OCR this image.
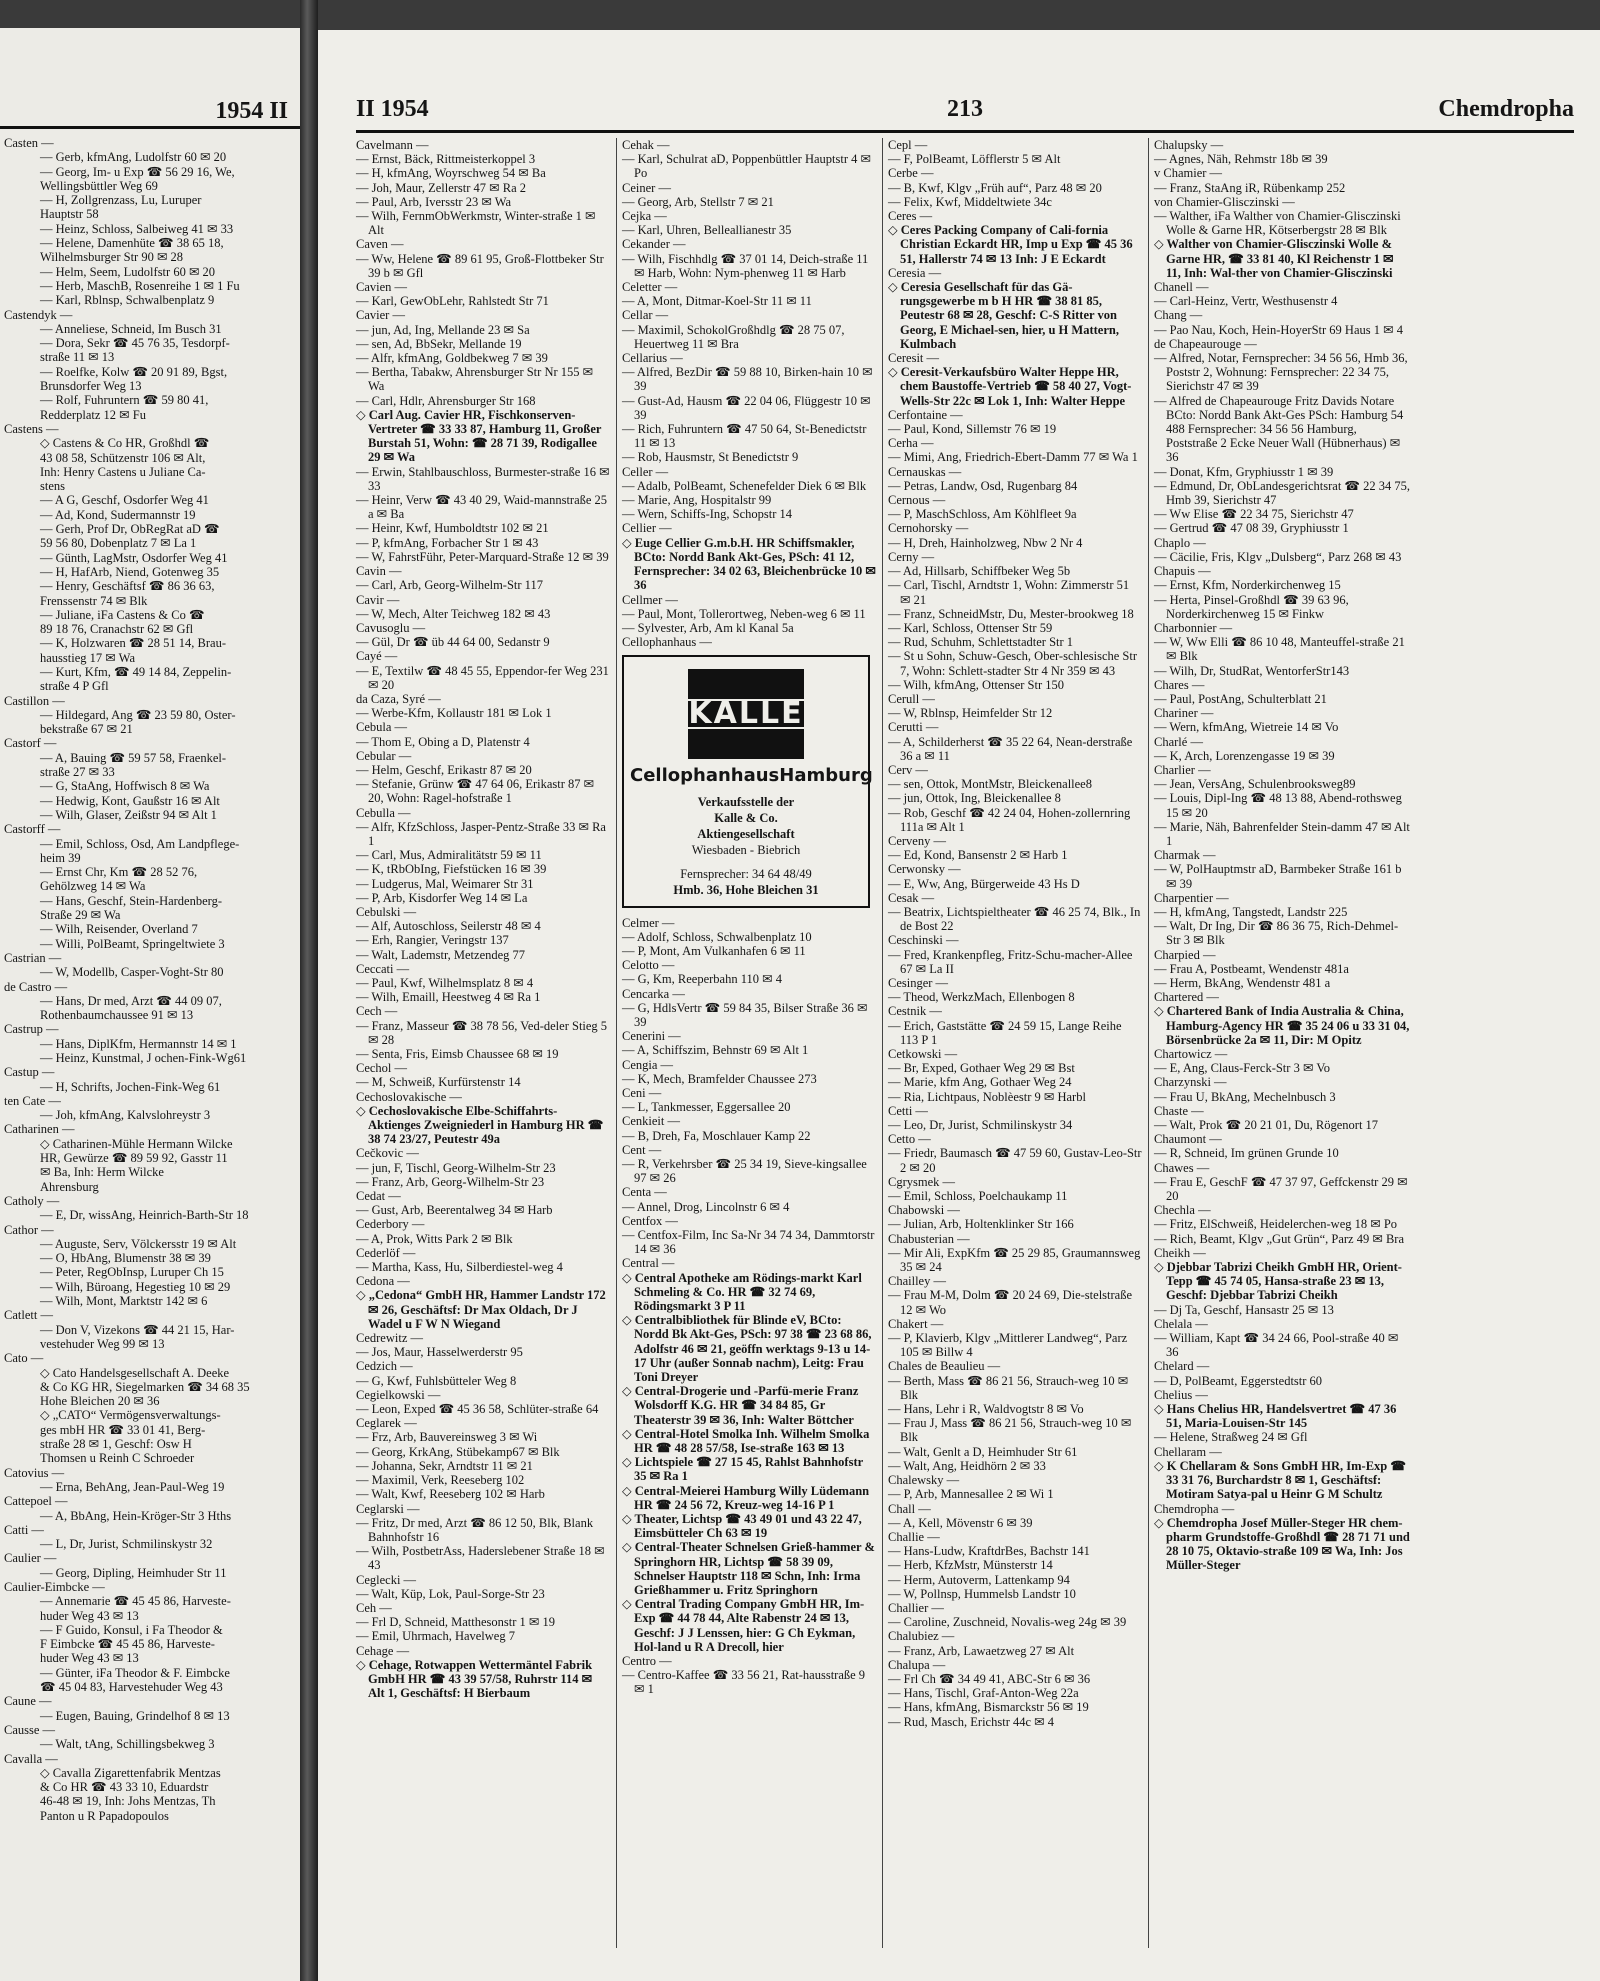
1954 II
Casten —
— Gerb, kfmAng, Ludolfstr 60 ✉ 20
— Georg, Im- u Exp ☎ 56 29 16, We,
Wellingsbüttler Weg 69
— H, Zollgrenzass, Lu, Luruper
Hauptstr 58
— Heinz, Schloss, Salbeiweg 41 ✉ 33
— Helene, Damenhüte ☎ 38 65 18,
Wilhelmsburger Str 90 ✉ 28
— Helm, Seem, Ludolfstr 60 ✉ 20
— Herb, MaschB, Rosenreihe 1 ✉ 1 Fu
— Karl, Rblnsp, Schwalbenplatz 9
Castendyk —
— Anneliese, Schneid, Im Busch 31
— Dora, Sekr ☎ 45 76 35, Tesdorpf-
straße 11 ✉ 13
— Roelfke, Kolw ☎ 20 91 89, Bgst,
Brunsdorfer Weg 13
— Rolf, Fuhruntern ☎ 59 80 41,
Redderplatz 12 ✉ Fu
Castens —
◇ Castens & Co HR, Großhdl ☎
43 08 58, Schützenstr 106 ✉ Alt,
Inh: Henry Castens u Juliane Ca-
stens
— A G, Geschf, Osdorfer Weg 41
— Ad, Kond, Sudermannstr 19
— Gerh, Prof Dr, ObRegRat aD ☎
59 56 80, Dobenplatz 7 ✉ La 1
— Günth, LagMstr, Osdorfer Weg 41
— H, HafArb, Niend, Gotenweg 35
— Henry, Geschäftsf ☎ 86 36 63,
Frenssenstr 74 ✉ Blk
— Juliane, iFa Castens & Co ☎
89 18 76, Cranachstr 62 ✉ Gfl
— K, Holzwaren ☎ 28 51 14, Brau-
hausstieg 17 ✉ Wa
— Kurt, Kfm, ☎ 49 14 84, Zeppelin-
straße 4 P Gfl
Castillon —
— Hildegard, Ang ☎ 23 59 80, Oster-
bekstraße 67 ✉ 21
Castorf —
— A, Bauing ☎ 59 57 58, Fraenkel-
straße 27 ✉ 33
— G, StaAng, Hoffwisch 8 ✉ Wa
— Hedwig, Kont, Gaußstr 16 ✉ Alt
— Wilh, Glaser, Zeißstr 94 ✉ Alt 1
Castorff —
— Emil, Schloss, Osd, Am Landpflege-
heim 39
— Ernst Chr, Km ☎ 28 52 76,
Gehölzweg 14 ✉ Wa
— Hans, Geschf, Stein-Hardenberg-
Straße 29 ✉ Wa
— Wilh, Reisender, Overland 7
— Willi, PolBeamt, Springeltwiete 3
Castrian —
— W, Modellb, Casper-Voght-Str 80
de Castro —
— Hans, Dr med, Arzt ☎ 44 09 07,
Rothenbaumchaussee 91 ✉ 13
Castrup —
— Hans, DiplKfm, Hermannstr 14 ✉ 1
— Heinz, Kunstmal, J ochen-Fink-Wg61
Castup —
— H, Schrifts, Jochen-Fink-Weg 61
ten Cate —
— Joh, kfmAng, Kalvslohreystr 3
Catharinen —
◇ Catharinen-Mühle Hermann Wilcke
HR, Gewürze ☎ 89 59 92, Gasstr 11
✉ Ba, Inh: Herm Wilcke
Ahrensburg
Catholy —
— E, Dr, wissAng, Heinrich-Barth-Str 18
Cathor —
— Auguste, Serv, Völckersstr 19 ✉ Alt
— O, HbAng, Blumenstr 38 ✉ 39
— Peter, RegObInsp, Luruper Ch 15
— Wilh, Büroang, Hegestieg 10 ✉ 29
— Wilh, Mont, Marktstr 142 ✉ 6
Catlett —
— Don V, Vizekons ☎ 44 21 15, Har-
vestehuder Weg 99 ✉ 13
Cato —
◇ Cato Handelsgesellschaft A. Deeke
& Co KG HR, Siegelmarken ☎ 34 68 35
Hohe Bleichen 20 ✉ 36
◇ „CATO“ Vermögensverwaltungs-
ges mbH HR ☎ 33 01 41, Berg-
straße 28 ✉ 1, Geschf: Osw H
Thomsen u Reinh C Schroeder
Catovius —
— Erna, BehAng, Jean-Paul-Weg 19
Cattepoel —
— A, BbAng, Hein-Kröger-Str 3 Hths
Catti —
— L, Dr, Jurist, Schmilinskystr 32
Caulier —
— Georg, Dipling, Heimhuder Str 11
Caulier-Eimbcke —
— Annemarie ☎ 45 45 86, Harveste-
huder Weg 43 ✉ 13
— F Guido, Konsul, i Fa Theodor &
F Eimbcke ☎ 45 45 86, Harveste-
huder Weg 43 ✉ 13
— Günter, iFa Theodor & F. Eimbcke
☎ 45 04 83, Harvestehuder Weg 43
Caune —
— Eugen, Bauing, Grindelhof 8 ✉ 13
Causse —
— Walt, tAng, Schillingsbekweg 3
Cavalla —
◇ Cavalla Zigarettenfabrik Mentzas
& Co HR ☎ 43 33 10, Eduardstr
46-48 ✉ 19, Inh: Johs Mentzas, Th
Panton u R Papadopoulos
II 1954	213	Chemdropha
Cavelmann —
— Ernst, Bäck, Rittmeisterkoppel 3
— H, kfmAng, Woyrschweg 54 ✉ Ba
— Joh, Maur, Zellerstr 47 ✉ Ra 2
— Paul, Arb, Iversstr 23 ✉ Wa
— Wilh, FernmObWerkmstr, Winter-straße 1 ✉ Alt
Caven —
— Ww, Helene ☎ 89 61 95, Groß-Flottbeker Str 39 b ✉ Gfl
Cavien —
— Karl, GewObLehr, Rahlstedt Str 71
Cavier —
— jun, Ad, Ing, Mellande 23 ✉ Sa
— sen, Ad, BbSekr, Mellande 19
— Alfr, kfmAng, Goldbekweg 7 ✉ 39
— Bertha, Tabakw, Ahrensburger Str Nr 155 ✉ Wa
— Carl, Hdlr, Ahrensburger Str 168
◇ Carl Aug. Cavier HR, Fischkonserven-Vertreter ☎ 33 33 87, Hamburg 11, Großer Burstah 51, Wohn: ☎ 28 71 39, Rodigallee 29 ✉ Wa
— Erwin, Stahlbauschloss, Burmester-straße 16 ✉ 33
— Heinr, Verw ☎ 43 40 29, Waid-mannstraße 25 a ✉ Ba
— Heinr, Kwf, Humboldtstr 102 ✉ 21
— P, kfmAng, Forbacher Str 1 ✉ 43
— W, FahrstFühr, Peter-Marquard-Straße 12 ✉ 39
Cavin —
— Carl, Arb, Georg-Wilhelm-Str 117
Cavir —
— W, Mech, Alter Teichweg 182 ✉ 43
Cavusoglu —
— Gül, Dr ☎ üb 44 64 00, Sedanstr 9
Cayé —
— E, Textilw ☎ 48 45 55, Eppendor-fer Weg 231 ✉ 20
da Caza, Syré —
— Werbe-Kfm, Kollaustr 181 ✉ Lok 1
Cebula —
— Thom E, Obing a D, Platenstr 4
Cebular —
— Helm, Geschf, Erikastr 87 ✉ 20
— Stefanie, Grünw ☎ 47 64 06, Erikastr 87 ✉ 20, Wohn: Ragel-hofstraße 1
Cebulla —
— Alfr, KfzSchloss, Jasper-Pentz-Straße 33 ✉ Ra 1
— Carl, Mus, Admiralitätstr 59 ✉ 11
— K, tRbObIng, Fiefstücken 16 ✉ 39
— Ludgerus, Mal, Weimarer Str 31
— P, Arb, Kisdorfer Weg 14 ✉ La
Cebulski —
— Alf, Autoschloss, Seilerstr 48 ✉ 4
— Erh, Rangier, Veringstr 137
— Walt, Lademstr, Metzendeg 77
Ceccati —
— Paul, Kwf, Wilhelmsplatz 8 ✉ 4
— Wilh, Emaill, Heestweg 4 ✉ Ra 1
Cech —
— Franz, Masseur ☎ 38 78 56, Ved-deler Stieg 5 ✉ 28
— Senta, Fris, Eimsb Chaussee 68 ✉ 19
Cechol —
— M, Schweiß, Kurfürstenstr 14
Cechoslovakische —
◇ Cechoslovakische Elbe-Schiffahrts-Aktienges Zweigniederl in Hamburg HR ☎ 38 74 23/27, Peutestr 49a
Cečkovic —
— jun, F, Tischl, Georg-Wilhelm-Str 23
— Franz, Arb, Georg-Wilhelm-Str 23
Cedat —
— Gust, Arb, Beerentalweg 34 ✉ Harb
Cederbory —
— A, Prok, Witts Park 2 ✉ Blk
Cederlöf —
— Martha, Kass, Hu, Silberdiestel-weg 4
Cedona —
◇ „Cedona“ GmbH HR, Hammer Landstr 172 ✉ 26, Geschäftsf: Dr Max Oldach, Dr J Wadel u F W N Wiegand
Cedrewitz —
— Jos, Maur, Hasselwerderstr 95
Cedzich —
— G, Kwf, Fuhlsbütteler Weg 8
Cegielkowski —
— Leon, Exped ☎ 45 36 58, Schlüter-straße 64
Ceglarek —
— Frz, Arb, Bauvereinsweg 3 ✉ Wi
— Georg, KrkAng, Stübekamp67 ✉ Blk
— Johanna, Sekr, Arndtstr 11 ✉ 21
— Maximil, Verk, Reeseberg 102
— Walt, Kwf, Reeseberg 102 ✉ Harb
Ceglarski —
— Fritz, Dr med, Arzt ☎ 86 12 50, Blk, Blank Bahnhofstr 16
— Wilh, PostbetrAss, Haderslebener Straße 18 ✉ 43
Ceglecki —
— Walt, Küp, Lok, Paul-Sorge-Str 23
Ceh —
— Frl D, Schneid, Matthesonstr 1 ✉ 19
— Emil, Uhrmach, Havelweg 7
Cehage —
◇ Cehage, Rotwappen Wettermäntel Fabrik GmbH HR ☎ 43 39 57/58, Ruhrstr 114 ✉ Alt 1, Geschäftsf: H Bierbaum
Cehak —
— Karl, Schulrat aD, Poppenbüttler Hauptstr 4 ✉ Po
Ceiner —
— Georg, Arb, Stellstr 7 ✉ 21
Cejka —
— Karl, Uhren, Belleallianestr 35
Cekander —
— Wilh, Fischhdlg ☎ 37 01 14, Deich-straße 11 ✉ Harb, Wohn: Nym-phenweg 11 ✉ Harb
Celetter —
— A, Mont, Ditmar-Koel-Str 11 ✉ 11
Cellar —
— Maximil, SchokolGroßhdlg ☎ 28 75 07, Heuertweg 11 ✉ Bra
Cellarius —
— Alfred, BezDir ☎ 59 88 10, Birken-hain 10 ✉ 39
— Gust-Ad, Hausm ☎ 22 04 06, Flüggestr 10 ✉ 39
— Rich, Fuhruntern ☎ 47 50 64, St-Benedictstr 11 ✉ 13
— Rob, Hausmstr, St Benedictstr 9
Celler —
— Adalb, PolBeamt, Schenefelder Diek 6 ✉ Blk
— Marie, Ang, Hospitalstr 99
— Wern, Schiffs-Ing, Schopstr 14
Cellier —
◇ Euge Cellier G.m.b.H. HR Schiffsmakler, BCto: Nordd Bank Akt-Ges, PSch: 41 12, Fernsprecher: 34 02 63, Bleichenbrücke 10 ✉ 36
Cellmer —
— Paul, Mont, Tollerortweg, Neben-weg 6 ✉ 11
— Sylvester, Arb, Am kl Kanal 5a
Cellophanhaus —
KALLE
CellophanhausHamburg
Verkaufsstelle der
Kalle & Co.
Aktiengesellschaft
Wiesbaden - Biebrich
Fernsprecher: 34 64 48/49
Hmb. 36, Hohe Bleichen 31
Celmer —
— Adolf, Schloss, Schwalbenplatz 10
— P, Mont, Am Vulkanhafen 6 ✉ 11
Celotto —
— G, Km, Reeperbahn 110 ✉ 4
Cencarka —
— G, HdlsVertr ☎ 59 84 35, Bilser Straße 36 ✉ 39
Cenerini —
— A, Schiffszim, Behnstr 69 ✉ Alt 1
Cengia —
— K, Mech, Bramfelder Chaussee 273
Ceni —
— L, Tankmesser, Eggersallee 20
Cenkieit —
— B, Dreh, Fa, Moschlauer Kamp 22
Cent —
— R, Verkehrsber ☎ 25 34 19, Sieve-kingsallee 97 ✉ 26
Centa —
— Annel, Drog, Lincolnstr 6 ✉ 4
Centfox —
— Centfox-Film, Inc Sa-Nr 34 74 34, Dammtorstr 14 ✉ 36
Central —
◇ Central Apotheke am Rödings-markt Karl Schmeling & Co. HR ☎ 32 74 69, Rödingsmarkt 3 P 11
◇ Centralbibliothek für Blinde eV, BCto: Nordd Bk Akt-Ges, PSch: 97 38 ☎ 23 68 86, Adolfstr 46 ✉ 21, geöffn werktags 9-13 u 14-17 Uhr (außer Sonnab nachm), Leitg: Frau Toni Dreyer
◇ Central-Drogerie und -Parfü-merie Franz Wolsdorff K.G. HR ☎ 34 84 85, Gr Theaterstr 39 ✉ 36, Inh: Walter Böttcher
◇ Central-Hotel Smolka Inh. Wilhelm Smolka HR ☎ 48 28 57/58, Ise-straße 163 ✉ 13
◇ Lichtspiele ☎ 27 15 45, Rahlst Bahnhofstr 35 ✉ Ra 1
◇ Central-Meierei Hamburg Willy Lüdemann HR ☎ 24 56 72, Kreuz-weg 14-16 P 1
◇ Theater, Lichtsp ☎ 43 49 01 und 43 22 47, Eimsbütteler Ch 63 ✉ 19
◇ Central-Theater Schnelsen Grieß-hammer & Springhorn HR, Lichtsp ☎ 58 39 09, Schnelser Hauptstr 118 ✉ Schn, Inh: Irma Grießhammer u. Fritz Springhorn
◇ Central Trading Company GmbH HR, Im-Exp ☎ 44 78 44, Alte Rabenstr 24 ✉ 13, Geschf: J J Lenssen, hier: G Ch Eykman, Hol-land u R A Drecoll, hier
Centro —
— Centro-Kaffee ☎ 33 56 21, Rat-hausstraße 9 ✉ 1
Cepl —
— F, PolBeamt, Löfflerstr 5 ✉ Alt
Cerbe —
— B, Kwf, Klgv „Früh auf“, Parz 48 ✉ 20
— Felix, Kwf, Middeltwiete 34c
Ceres —
◇ Ceres Packing Company of Cali-fornia Christian Eckardt HR, Imp u Exp ☎ 45 36 51, Hallerstr 74 ✉ 13 Inh: J E Eckardt
Ceresia —
◇ Ceresia Gesellschaft für das Gä-rungsgewerbe m b H HR ☎ 38 81 85, Peutestr 68 ✉ 28, Geschf: C-S Ritter von Georg, E Michael-sen, hier, u H Mattern, Kulmbach
Ceresit —
◇ Ceresit-Verkaufsbüro Walter Heppe HR, chem Baustoffe-Vertrieb ☎ 58 40 27, Vogt-Wells-Str 22c ✉ Lok 1, Inh: Walter Heppe
Cerfontaine —
— Paul, Kond, Sillemstr 76 ✉ 19
Cerha —
— Mimi, Ang, Friedrich-Ebert-Damm 77 ✉ Wa 1
Cernauskas —
— Petras, Landw, Osd, Rugenbarg 84
Cernous —
— P, MaschSchloss, Am Köhlfleet 9a
Cernohorsky —
— H, Dreh, Hainholzweg, Nbw 2 Nr 4
Cerny —
— Ad, Hillsarb, Schiffbeker Weg 5b
— Carl, Tischl, Arndtstr 1, Wohn: Zimmerstr 51 ✉ 21
— Franz, SchneidMstr, Du, Mester-brookweg 18
— Karl, Schloss, Ottenser Str 59
— Rud, Schuhm, Schlettstadter Str 1
— St u Sohn, Schuw-Gesch, Ober-schlesische Str 7, Wohn: Schlett-stadter Str 4 Nr 359 ✉ 43
— Wilh, kfmAng, Ottenser Str 150
Cerull —
— W, Rblnsp, Heimfelder Str 12
Cerutti —
— A, Schilderherst ☎ 35 22 64, Nean-derstraße 36 a ✉ 11
Cerv —
— sen, Ottok, MontMstr, Bleickenallee8
— jun, Ottok, Ing, Bleickenallee 8
— Rob, Geschf ☎ 42 24 04, Hohen-zollernring 111a ✉ Alt 1
Cerveny —
— Ed, Kond, Bansenstr 2 ✉ Harb 1
Cerwonsky —
— E, Ww, Ang, Bürgerweide 43 Hs D
Cesak —
— Beatrix, Lichtspieltheater ☎ 46 25 74, Blk., In de Bost 22
Ceschinski —
— Fred, Krankenpfleg, Fritz-Schu-macher-Allee 67 ✉ La II
Cesinger —
— Theod, WerkzMach, Ellenbogen 8
Cestnik —
— Erich, Gaststätte ☎ 24 59 15, Lange Reihe 113 P 1
Cetkowski —
— Br, Exped, Gothaer Weg 29 ✉ Bst
— Marie, kfm Ang, Gothaer Weg 24
— Ria, Lichtpaus, Noblèestr 9 ✉ Harbl
Cetti —
— Leo, Dr, Jurist, Schmilinskystr 34
Cetto —
— Friedr, Baumasch ☎ 47 59 60, Gustav-Leo-Str 2 ✉ 20
Cgrysmek —
— Emil, Schloss, Poelchaukamp 11
Chabowski —
— Julian, Arb, Holtenklinker Str 166
Chabusterian —
— Mir Ali, ExpKfm ☎ 25 29 85, Graumannsweg 35 ✉ 24
Chailley —
— Frau M-M, Dolm ☎ 20 24 69, Die-stelstraße 12 ✉ Wo
Chakert —
— P, Klavierb, Klgv „Mittlerer Landweg“, Parz 105 ✉ Billw 4
Chales de Beaulieu —
— Berth, Mass ☎ 86 21 56, Strauch-weg 10 ✉ Blk
— Hans, Lehr i R, Waldvogtstr 8 ✉ Vo
— Frau J, Mass ☎ 86 21 56, Strauch-weg 10 ✉ Blk
— Walt, Genlt a D, Heimhuder Str 61
— Walt, Ang, Heidhörn 2 ✉ 33
Chalewsky —
— P, Arb, Mannesallee 2 ✉ Wi 1
Chall —
— A, Kell, Mövenstr 6 ✉ 39
Challie —
— Hans-Ludw, KraftdrBes, Bachstr 141
— Herb, KfzMstr, Münsterstr 14
— Herm, Autoverm, Lattenkamp 94
— W, Pollnsp, Hummelsb Landstr 10
Challier —
— Caroline, Zuschneid, Novalis-weg 24g ✉ 39
Chalubiez —
— Franz, Arb, Lawaetzweg 27 ✉ Alt
Chalupa —
— Frl Ch ☎ 34 49 41, ABC-Str 6 ✉ 36
— Hans, Tischl, Graf-Anton-Weg 22a
— Hans, kfmAng, Bismarckstr 56 ✉ 19
— Rud, Masch, Erichstr 44c ✉ 4
Chalupsky —
— Agnes, Näh, Rehmstr 18b ✉ 39
v Chamier —
— Franz, StaAng iR, Rübenkamp 252
von Chamier-Glisczinski —
— Walther, iFa Walther von Chamier-Glisczinski Wolle & Garne HR, Kötserbergstr 28 ✉ Blk
◇ Walther von Chamier-Glisczinski Wolle & Garne HR, ☎ 33 81 40, Kl Reichenstr 1 ✉ 11, Inh: Wal-ther von Chamier-Glisczinski
Chanell —
— Carl-Heinz, Vertr, Westhusenstr 4
Chang —
— Pao Nau, Koch, Hein-HoyerStr 69 Haus 1 ✉ 4
de Chapeaurouge —
— Alfred, Notar, Fernsprecher: 34 56 56, Hmb 36, Poststr 2, Wohnung: Fernsprecher: 22 34 75, Sierichstr 47 ✉ 39
— Alfred de Chapeaurouge Fritz Davids Notare BCto: Nordd Bank Akt-Ges PSch: Hamburg 54 488 Fernsprecher: 34 56 56 Hamburg, Poststraße 2 Ecke Neuer Wall (Hübnerhaus) ✉ 36
— Donat, Kfm, Gryphiusstr 1 ✉ 39
— Edmund, Dr, ObLandesgerichtsrat ☎ 22 34 75, Hmb 39, Sierichstr 47
— Ww Elise ☎ 22 34 75, Sierichstr 47
— Gertrud ☎ 47 08 39, Gryphiusstr 1
Chaplo —
— Cäcilie, Fris, Klgv „Dulsberg“, Parz 268 ✉ 43
Chapuis —
— Ernst, Kfm, Norderkirchenweg 15
— Herta, Pinsel-Großhdl ☎ 39 63 96, Norderkirchenweg 15 ✉ Finkw
Charbonnier —
— W, Ww Elli ☎ 86 10 48, Manteuffel-straße 21 ✉ Blk
— Wilh, Dr, StudRat, WentorferStr143
Chares —
— Paul, PostAng, Schulterblatt 21
Chariner —
— Wern, kfmAng, Wietreie 14 ✉ Vo
Charlé —
— K, Arch, Lorenzengasse 19 ✉ 39
Charlier —
— Jean, VersAng, Schulenbrooksweg89
— Louis, Dipl-Ing ☎ 48 13 88, Abend-rothsweg 15 ✉ 20
— Marie, Näh, Bahrenfelder Stein-damm 47 ✉ Alt 1
Charmak —
— W, PolHauptmstr aD, Barmbeker Straße 161 b ✉ 39
Charpentier —
— H, kfmAng, Tangstedt, Landstr 225
— Walt, Dr Ing, Dir ☎ 86 36 75, Rich-Dehmel-Str 3 ✉ Blk
Charpied —
— Frau A, Postbeamt, Wendenstr 481a
— Herm, BkAng, Wendenstr 481 a
Chartered —
◇ Chartered Bank of India Australia & China, Hamburg-Agency HR ☎ 35 24 06 u 33 31 04, Börsenbrücke 2a ✉ 11, Dir: M Opitz
Chartowicz —
— E, Ang, Claus-Ferck-Str 3 ✉ Vo
Charzynski —
— Frau U, BkAng, Mechelnbusch 3
Chaste —
— Walt, Prok ☎ 20 21 01, Du, Rögenort 17
Chaumont —
— R, Schneid, Im grünen Grunde 10
Chawes —
— Frau E, GeschF ☎ 47 37 97, Geffckenstr 29 ✉ 20
Chechla —
— Fritz, ElSchweiß, Heidelerchen-weg 18 ✉ Po
— Rich, Beamt, Klgv „Gut Grün“, Parz 49 ✉ Bra
Cheikh —
◇ Djebbar Tabrizi Cheikh GmbH HR, Orient-Tepp ☎ 45 74 05, Hansa-straße 23 ✉ 13, Geschf: Djebbar Tabrizi Cheikh
— Dj Ta, Geschf, Hansastr 25 ✉ 13
Chelala —
— William, Kapt ☎ 34 24 66, Pool-straße 40 ✉ 36
Chelard —
— D, PolBeamt, Eggerstedtstr 60
Chelius —
◇ Hans Chelius HR, Handelsvertret ☎ 47 36 51, Maria-Louisen-Str 145
— Helene, Straßweg 24 ✉ Gfl
Chellaram —
◇ K Chellaram & Sons GmbH HR, Im-Exp ☎ 33 31 76, Burchardstr 8 ✉ 1, Geschäftsf: Motiram Satya-pal u Heinr G M Schultz
Chemdropha —
◇ Chemdropha Josef Müller-Steger HR chem-pharm Grundstoffe-Großhdl ☎ 28 71 71 und 28 10 75, Oktavio-straße 109 ✉ Wa, Inh: Jos Müller-Steger
